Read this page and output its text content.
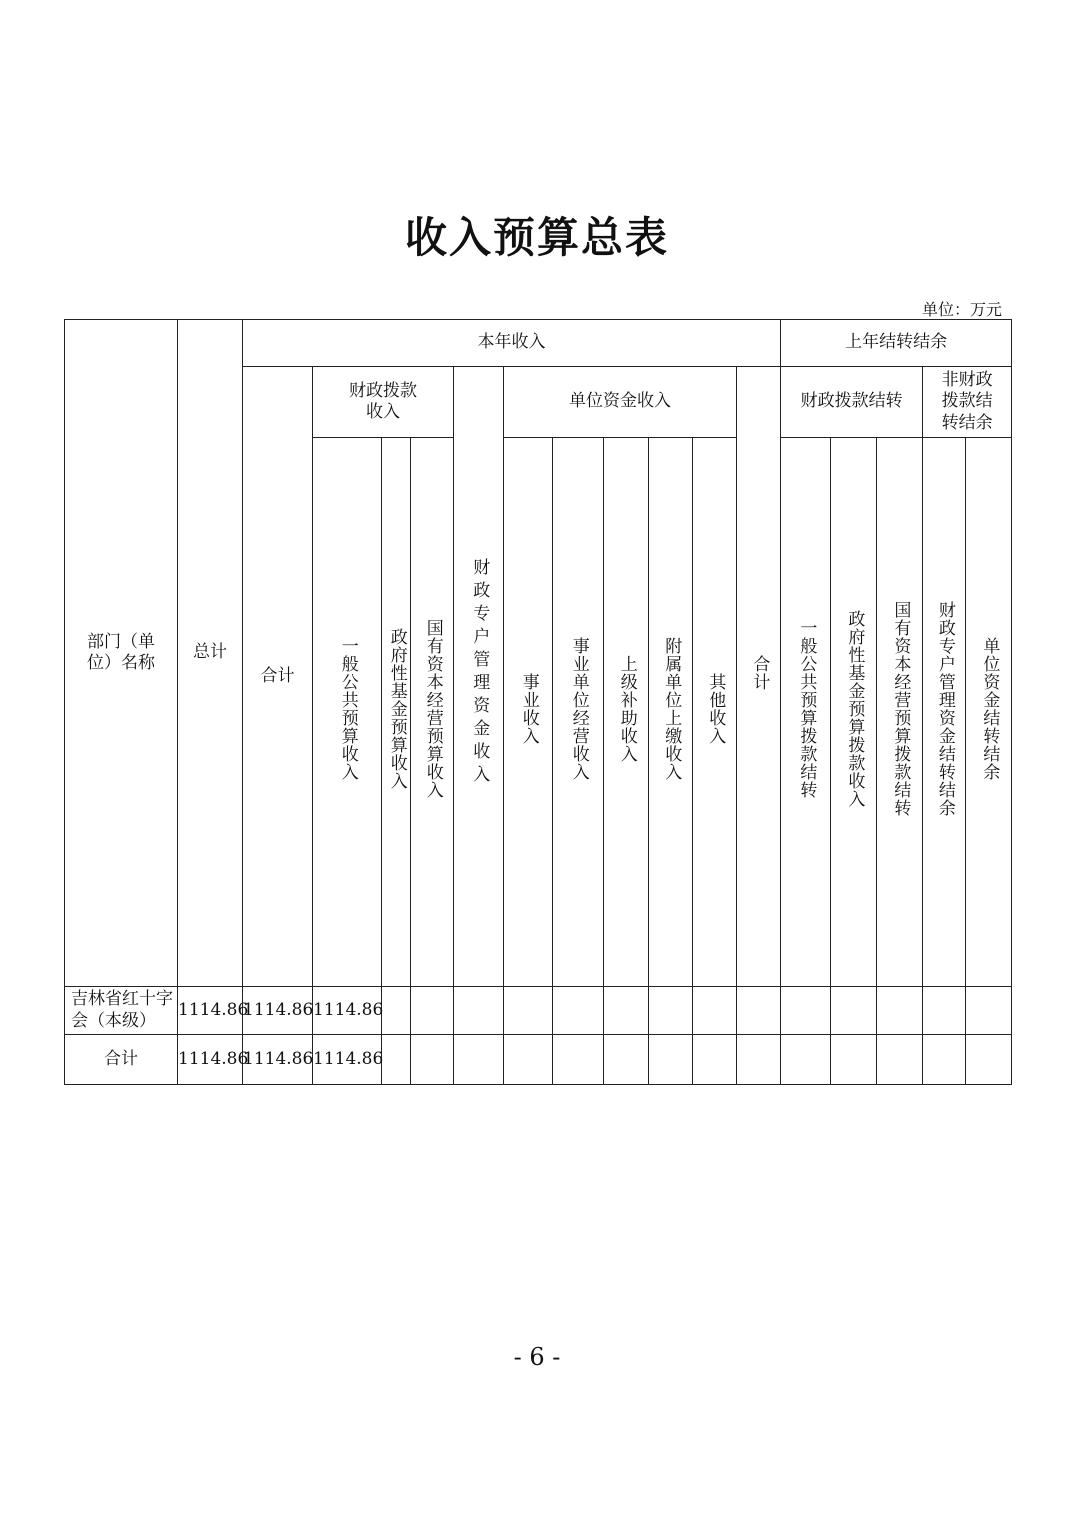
收入预算总表
单位：万元
部门（单位）名称	总计	本年收入											上年结转结余				
		合计	财政拨款收入			财政专户管理资金收入	单位资金收入					合计	财政拨款结转			非财政拨款结转结余	
			一般公共预算收入	政府性基金预算收入	国有资本经营预算收入		事业收入	事业单位经营收入	上级补助收入	附属单位上缴收入	其他收入		一般公共预算拨款结转	政府性基金预算拨款收入	国有资本经营预算拨款结转	财政专户管理资金结转结余	单位资金结转结余
吉林省红十字会（本级）	1114.86	1114.86	1114.86														
合计	1114.86	1114.86	1114.86														
- 6 -
